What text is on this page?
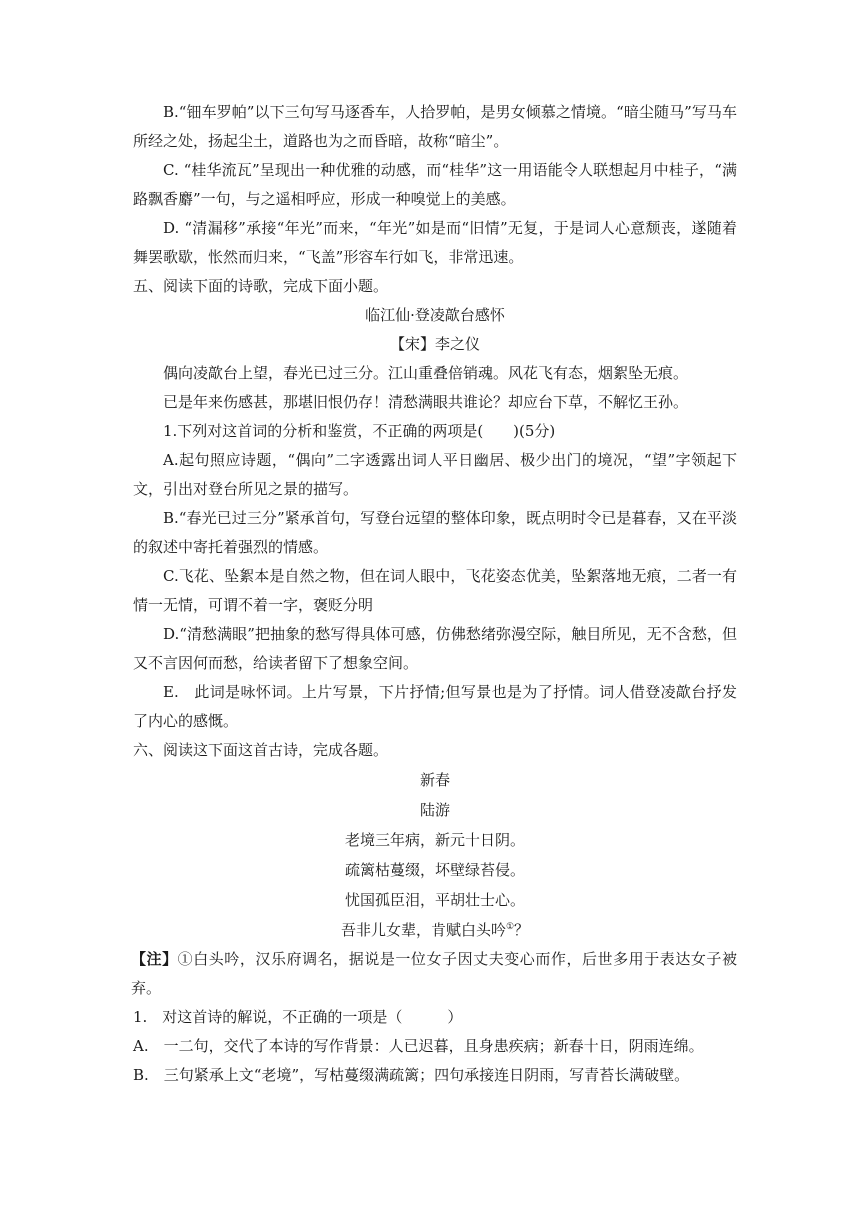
B.“钿车罗帕”以下三句写马逐香车，人拾罗帕，是男女倾慕之情境。“暗尘随马”写马车所经之处，扬起尘土，道路也为之而昏暗，故称“暗尘”。

C. “桂华流瓦”呈现出一种优雅的动感，而“桂华”这一用语能令人联想起月中桂子，“满路飘香麝”一句，与之遥相呼应，形成一种嗅觉上的美感。

D. “清漏移”承接“年光”而来，“年光”如是而“旧情”无复，于是词人心意颓丧，遂随着舞罢歌歇，怅然而归来，“飞盖”形容车行如飞，非常迅速。

五、阅读下面的诗歌，完成下面小题。

临江仙·登凌歊台感怀

【宋】李之仪

偶向凌歊台上望，春光已过三分。江山重叠倍销魂。风花飞有态，烟絮坠无痕。

已是年来伤感甚，那堪旧恨仍存！清愁满眼共谁论？却应台下草，不解忆王孙。

1.下列对这首词的分析和鉴赏，不正确的两项是(　　)(5分)

A.起句照应诗题，“偶向”二字透露出词人平日幽居、极少出门的境况，“望”字领起下文，引出对登台所见之景的描写。

B.“春光已过三分”紧承首句，写登台远望的整体印象，既点明时令已是暮春，又在平淡的叙述中寄托着强烈的情感。

C.飞花、坠絮本是自然之物，但在词人眼中，飞花姿态优美，坠絮落地无痕，二者一有情一无情，可谓不着一字，褒贬分明

D.“清愁满眼”把抽象的愁写得具体可感，仿佛愁绪弥漫空际，触目所见，无不含愁，但又不言因何而愁，给读者留下了想象空间。

E.　此词是咏怀词。上片写景，下片抒情;但写景也是为了抒情。词人借登凌歊台抒发了内心的感慨。

六、阅读这下面这首古诗，完成各题。

新春

陆游

老境三年病，新元十日阴。

疏篱枯蔓缀，坏壁绿苔侵。

忧国孤臣泪，平胡壮士心。

吾非儿女辈，肯赋白头吟①？

【注】①白头吟，汉乐府调名，据说是一位女子因丈夫变心而作，后世多用于表达女子被弃。

1.　对这首诗的解说，不正确的一项是（　　　）

A.　一二句，交代了本诗的写作背景：人已迟暮，且身患疾病；新春十日，阴雨连绵。

B.　三句紧承上文“老境”，写枯蔓缀满疏篱；四句承接连日阴雨，写青苔长满破壁。
